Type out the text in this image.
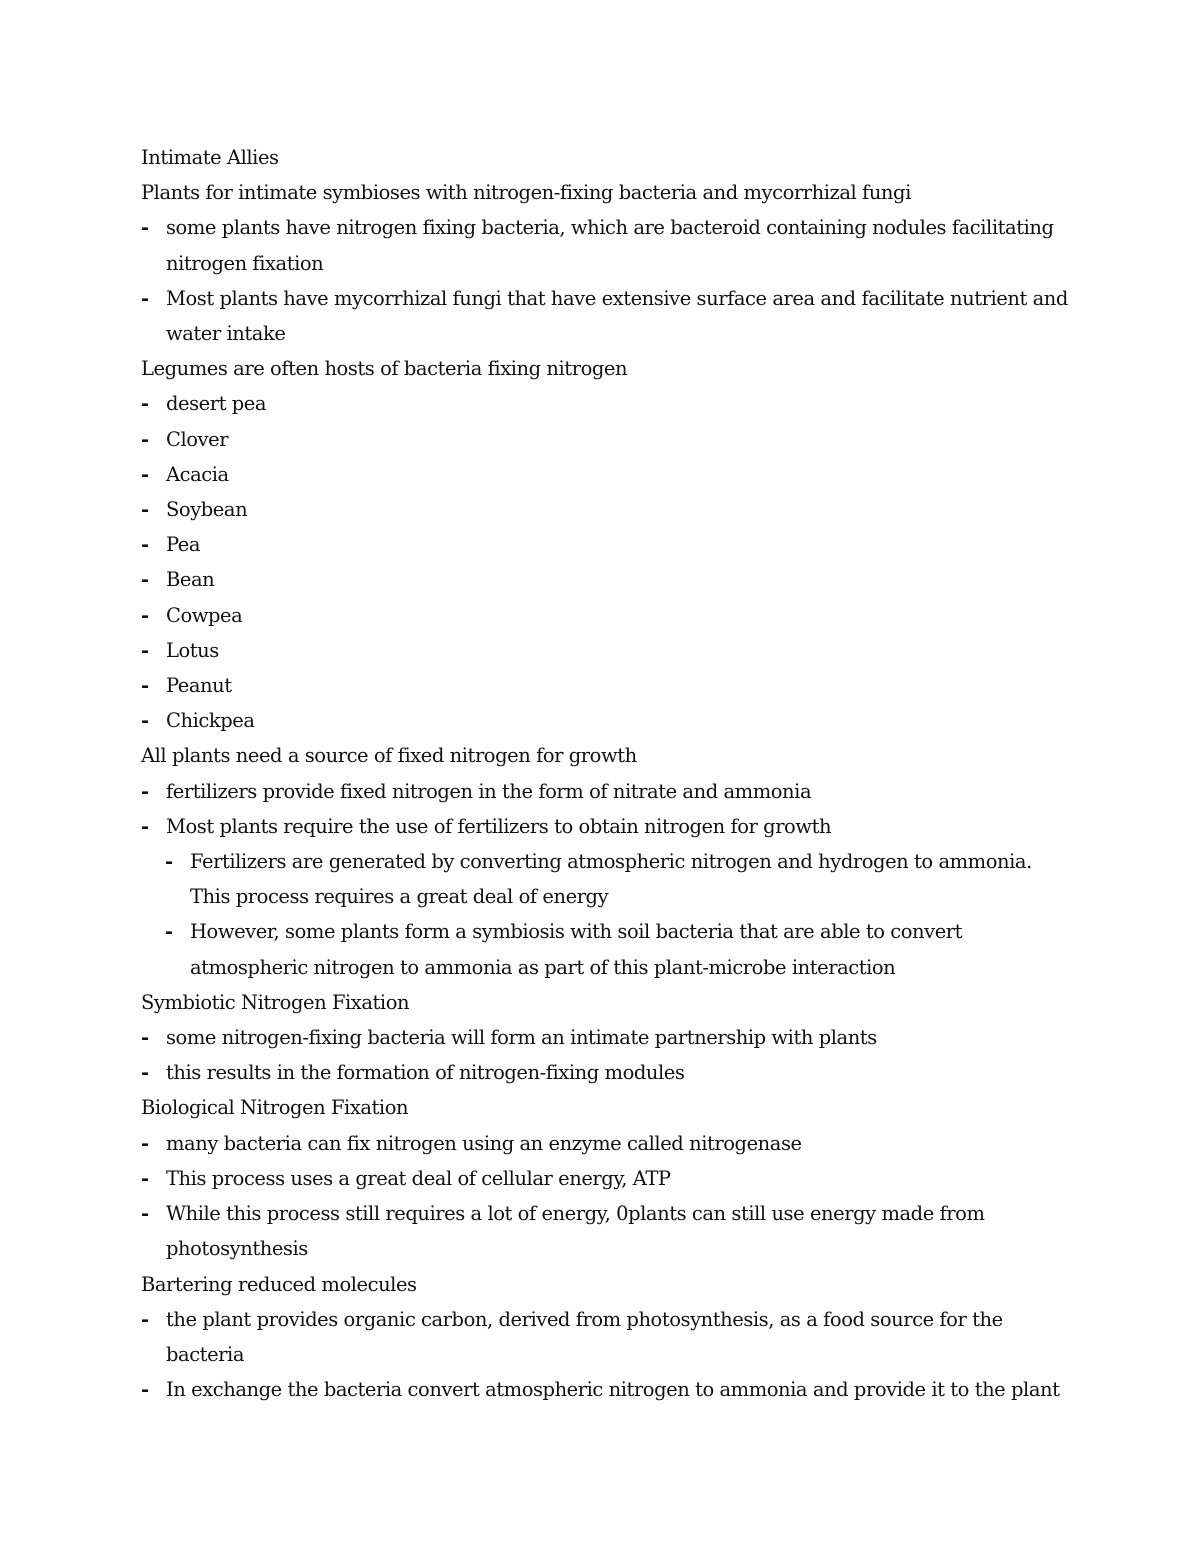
Intimate Allies

Plants for intimate symbioses with nitrogen-fixing bacteria and mycorrhizal fungi

- some plants have nitrogen fixing bacteria, which are bacteroid containing nodules facilitating nitrogen fixation
- Most plants have mycorrhizal fungi that have extensive surface area and facilitate nutrient and water intake

Legumes are often hosts of bacteria fixing nitrogen

- desert pea
- Clover
- Acacia
- Soybean
- Pea
- Bean
- Cowpea
- Lotus
- Peanut
- Chickpea

All plants need a source of fixed nitrogen for growth

- fertilizers provide fixed nitrogen in the form of nitrate and ammonia
- Most plants require the use of fertilizers to obtain nitrogen for growth
- Fertilizers are generated by converting atmospheric nitrogen and hydrogen to ammonia. This process requires a great deal of energy
- However, some plants form a symbiosis with soil bacteria that are able to convert atmospheric nitrogen to ammonia as part of this plant-microbe interaction

Symbiotic Nitrogen Fixation

- some nitrogen-fixing bacteria will form an intimate partnership with plants
- this results in the formation of nitrogen-fixing modules

Biological Nitrogen Fixation

- many bacteria can fix nitrogen using an enzyme called nitrogenase
- This process uses a great deal of cellular energy, ATP
- While this process still requires a lot of energy, 0plants can still use energy made from photosynthesis

Bartering reduced molecules

- the plant provides organic carbon, derived from photosynthesis, as a food source for the bacteria
- In exchange the bacteria convert atmospheric nitrogen to ammonia and provide it to the plant
